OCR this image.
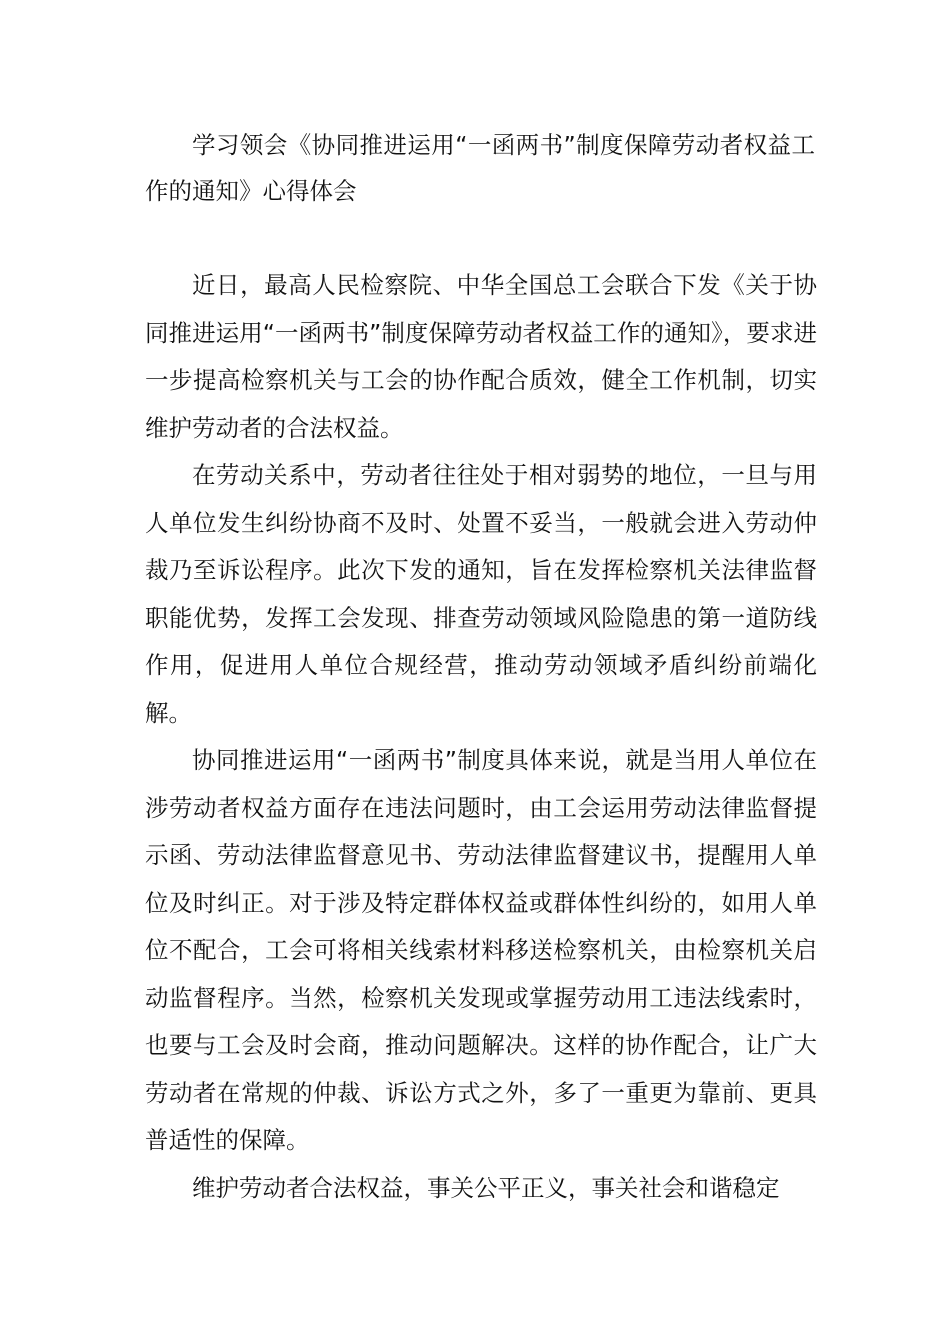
学习领会《协同推进运用“一函两书”制度保障劳动者权益工作的通知》心得体会

近日，最高人民检察院、中华全国总工会联合下发《关于协同推进运用“一函两书”制度保障劳动者权益工作的通知》，要求进一步提高检察机关与工会的协作配合质效，健全工作机制，切实维护劳动者的合法权益。

在劳动关系中，劳动者往往处于相对弱势的地位，一旦与用人单位发生纠纷协商不及时、处置不妥当，一般就会进入劳动仲裁乃至诉讼程序。此次下发的通知，旨在发挥检察机关法律监督职能优势，发挥工会发现、排查劳动领域风险隐患的第一道防线作用，促进用人单位合规经营，推动劳动领域矛盾纠纷前端化解。

协同推进运用“一函两书”制度具体来说，就是当用人单位在涉劳动者权益方面存在违法问题时，由工会运用劳动法律监督提示函、劳动法律监督意见书、劳动法律监督建议书，提醒用人单位及时纠正。对于涉及特定群体权益或群体性纠纷的，如用人单位不配合，工会可将相关线索材料移送检察机关，由检察机关启动监督程序。当然，检察机关发现或掌握劳动用工违法线索时，也要与工会及时会商，推动问题解决。这样的协作配合，让广大劳动者在常规的仲裁、诉讼方式之外，多了一重更为靠前、更具普适性的保障。

维护劳动者合法权益，事关公平正义，事关社会和谐稳定
